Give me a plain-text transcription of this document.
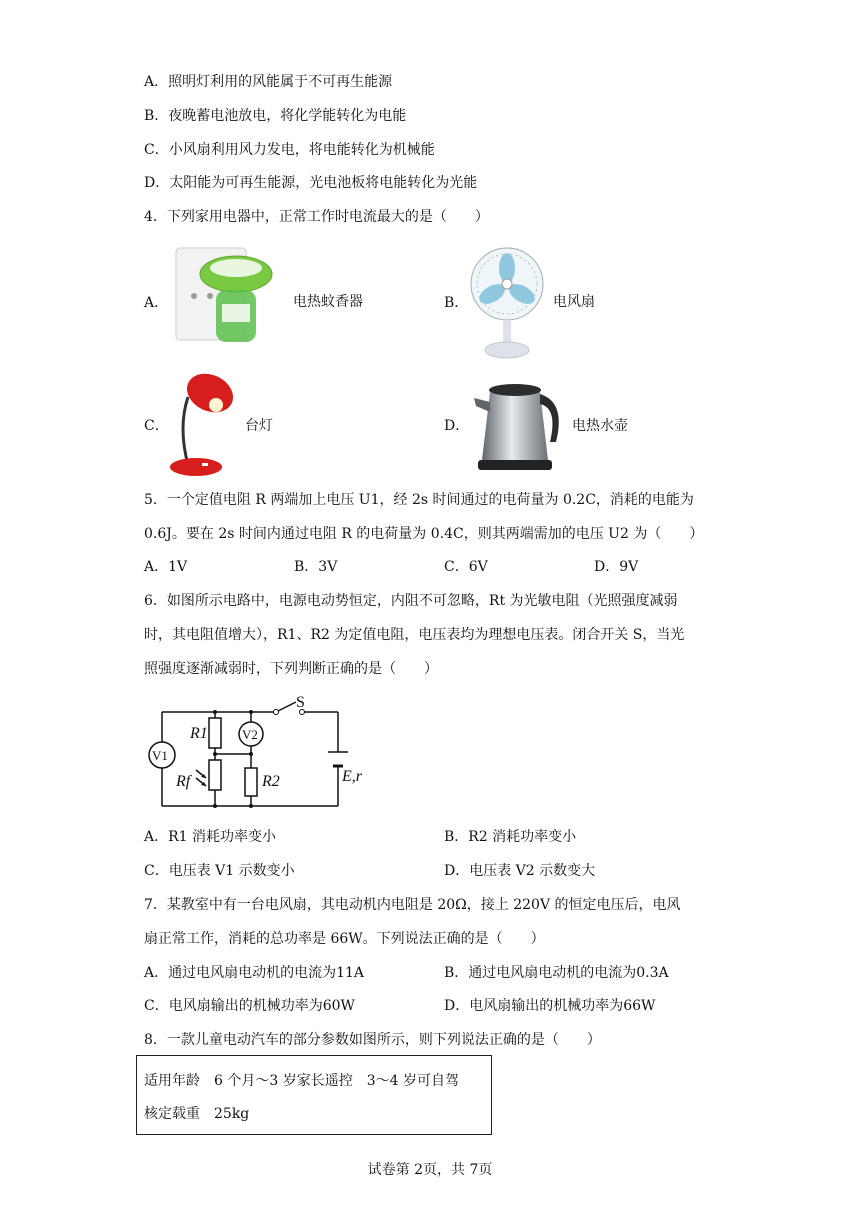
A．照明灯利用的风能属于不可再生能源
B．夜晚蓄电池放电，将化学能转化为电能
C．小风扇利用风力发电，将电能转化为机械能
D．太阳能为可再生能源，光电池板将电能转化为光能
4．下列家用电器中，正常工作时电流最大的是（　　）
A．	电热蚊香器	B．	电风扇
C．	台灯	D．	电热水壶
5．一个定值电阻 R 两端加上电压 U1，经 2s 时间通过的电荷量为 0.2C，消耗的电能为
0.6J。要在 2s 时间内通过电阻 R 的电荷量为 0.4C，则其两端需加的电压 U2 为（　　）
A．1V	B．3V	C．6V	D．9V
6．如图所示电路中，电源电动势恒定，内阻不可忽略，Rt 为光敏电阻（光照强度减弱
时，其电阻值增大），R1、R2 为定值电阻，电压表均为理想电压表。闭合开关 S，当光
照强度逐渐减弱时，下列判断正确的是（　　）
S
R1
R2
Rf
V1
V2
E,r
A．R1 消耗功率变小	B．R2 消耗功率变小
C．电压表 V1 示数变小	D．电压表 V2 示数变大
7．某教室中有一台电风扇，其电动机内电阻是 20Ω，接上 220V 的恒定电压后，电风
扇正常工作，消耗的总功率是 66W。下列说法正确的是（　　）
A．通过电风扇电动机的电流为11A	B．通过电风扇电动机的电流为0.3A
C．电风扇输出的机械功率为60W	D．电风扇输出的机械功率为66W
8．一款儿童电动汽车的部分参数如图所示，则下列说法正确的是（　　）
适用年龄　6 个月～3 岁家长遥控　3～4 岁可自驾
核定载重　25kg
试卷第 2页，共 7页
